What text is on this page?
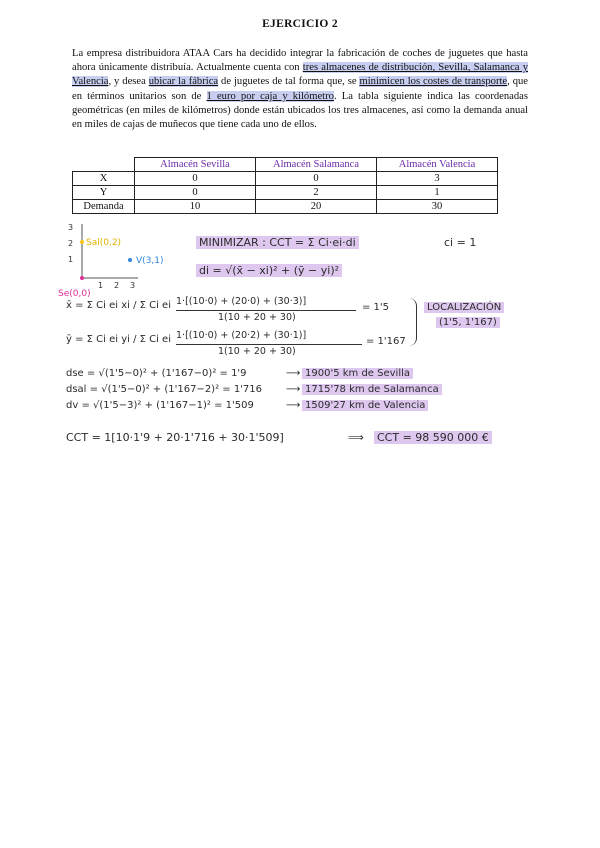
EJERCICIO 2
La empresa distribuidora ATAA Cars ha decidido integrar la fabricación de coches de juguetes que hasta ahora únicamente distribuía. Actualmente cuenta con tres almacenes de distribución, Sevilla, Salamanca y Valencia, y desea ubicar la fábrica de juguetes de tal forma que, se minimicen los costes de transporte, que en términos unitarios son de 1 euro por caja y kilómetro. La tabla siguiente indica las coordenadas geométricas (en miles de kilómetros) donde están ubicados los tres almacenes, así como la demanda anual en miles de cajas de muñecos que tiene cada uno de ellos.
	Almacén Sevilla	Almacén Salamanca	Almacén Valencia
X	0	0	3
Y	0	2	1
Demanda	10	20	30
3
2
1
1 2 3
Sal(0,2)
V(3,1)
Se(0,0)
MINIMIZAR : CCT = Σ Ci·ei·di	ci = 1
di = √(x̄ − xi)² + (ȳ − yi)²
x̄ = Σ Ci ei xi / Σ Ci ei 1·[(10·0) + (20·0) + (30·3)]
1(10 + 20 + 30)
= 1'5
ȳ = Σ Ci ei yi / Σ Ci ei 1·[(10·0) + (20·2) + (30·1)]
1(10 + 20 + 30)
= 1'167
LOCALIZACIÓN
(1'5, 1'167)
dse = √(1'5−0)² + (1'167−0)² = 1'9	⟶ 1900'5 km de Sevilla
dsal = √(1'5−0)² + (1'167−2)² = 1'716 ⟶ 1715'78 km de Salamanca
dv = √(1'5−3)² + (1'167−1)² = 1'509	⟶ 1509'27 km de Valencia
CCT = 1[10·1'9 + 20·1'716 + 30·1'509]	⟹ CCT = 98 590 000 €
